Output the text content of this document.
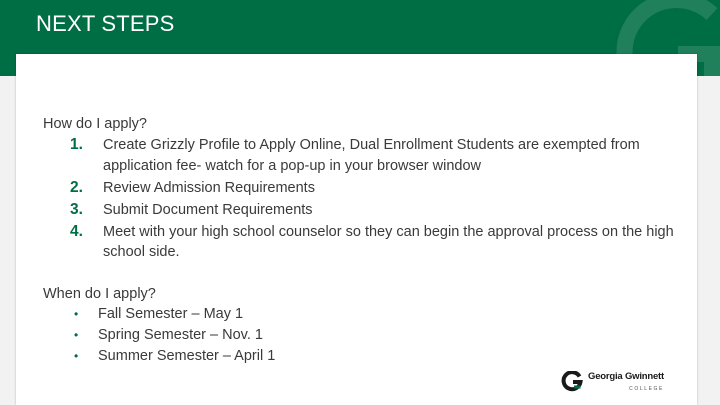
NEXT STEPS
How do I apply?
1.	Create Grizzly Profile to Apply Online, Dual Enrollment Students are exempted from application fee- watch for a pop-up in your browser window
2.	Review Admission Requirements
3.	Submit Document Requirements
4.	Meet with your high school counselor so they can begin the approval process on the high school side.
When do I apply?
•	Fall Semester – May 1
•	Spring Semester – Nov. 1
•	Summer Semester – April 1
Georgia Gwinnett
COLLEGE
